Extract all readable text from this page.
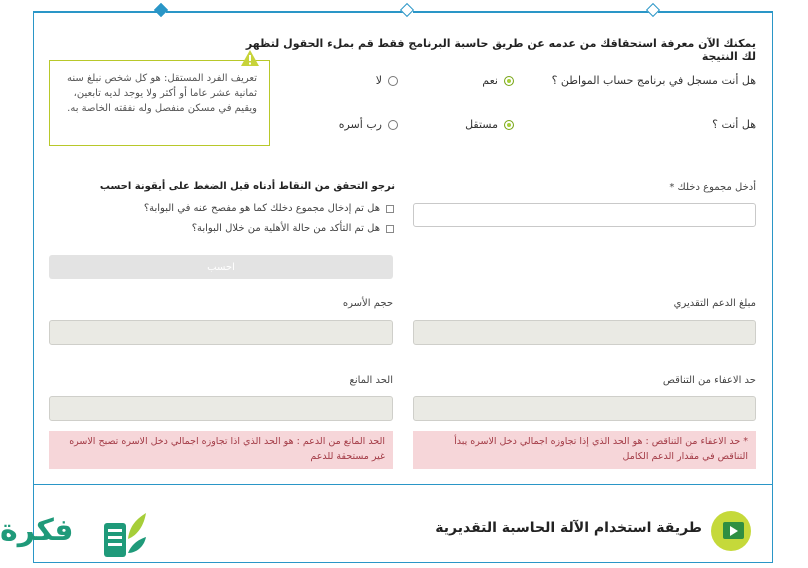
يمكنك الآن معرفة استحقاقك من عدمه عن طريق حاسبة البرنامج فقط قم بملء الحقول لتظهر لك النتيجة
هل أنت مسجل في برنامج حساب المواطن ؟
نعم
لا
هل أنت ؟
مستقل
رب أسره
تعريف الفرد المستقل: هو كل شخص نبلغ سنه ثمانية عشر عاما أو أكثر ولا يوجد لديه تابعين، ويقيم في مسكن منفصل وله نفقته الخاصة به.
أدخل مجموع دخلك *
نرجو التحقق من النقاط أدناه قبل الضغط على أيقونة احسب
هل تم إدخال مجموع دخلك كما هو مفصح عنه في البوابة؟
هل تم التأكد من حالة الأهلية من خلال البوابة؟
احسب
مبلغ الدعم التقديري
حجم الأسره
حد الاعفاء من التناقص
الحد المانع
* حد الاعفاء من التناقص : هو الحد الذي إذا تجاوزه اجمالي دخل الاسره يبدأ التناقص في مقدار الدعم الكامل
الحد المانع من الدعم : هو الحد الذي اذا تجاوزه اجمالي دخل الاسره تصبح الاسره غير مستحقة للدعم
طريقة استخدام الآلة الحاسبة التقديرية
فكرة
